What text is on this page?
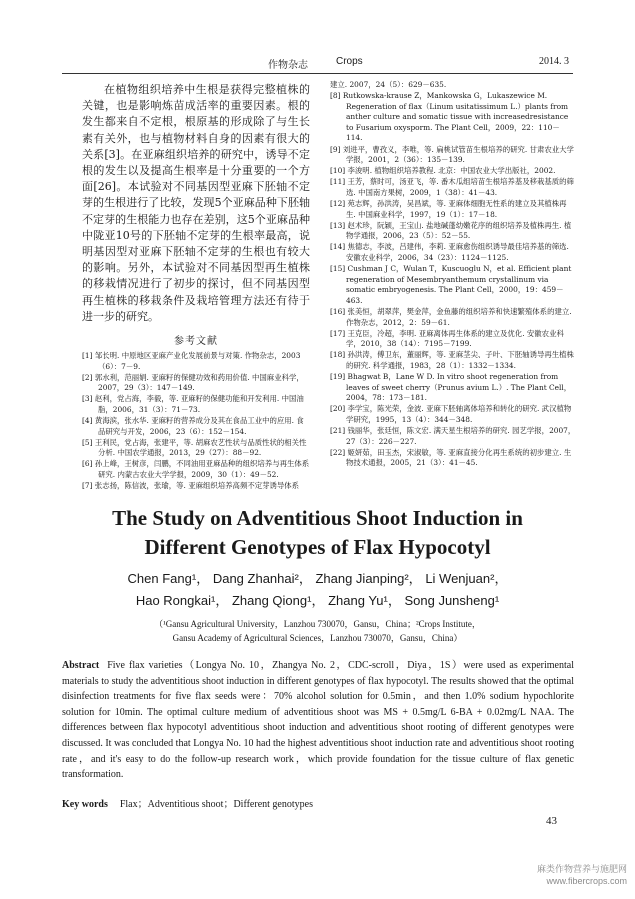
作物杂志	Crops	2014. 3

在植物组织培养中生根是获得完整植株的关键，也是影响炼苗成活率的重要因素。根的发生都来自不定根，根原基的形成除了与生长素有关外，也与植物材料自身的因素有很大的关系[3]。在亚麻组织培养的研究中，诱导不定根的发生以及提高生根率是十分重要的一个方面[26]。本试验对不同基因型亚麻下胚轴不定芽的生根进行了比较，发现5个亚麻品种下胚轴不定芽的生根能力也存在差别，这5个亚麻品种中陇亚10号的下胚轴不定芽的生根率最高，说明基因型对亚麻下胚轴不定芽的生根也有较大的影响。另外，本试验对不同基因型再生植株的移栽情况进行了初步的探讨，但不同基因型再生植株的移栽条件及栽培管理方法还有待于进一步的研究。

参考文献
[1] 邹长明. 中原地区亚麻产业化发展前景与对策. 作物杂志，2003（6）：7－9.
[2] 郭水利，范丽娟. 亚麻籽的保健功效和药用价值. 中国麻业科学，2007，29（3）：147－149.
[3] 赵利，党占海，李毅，等. 亚麻籽的保健功能和开发利用. 中国油脂，2006，31（3）：71－73.
[4] 黄海滨，张水华. 亚麻籽的营养成分及其在食品工业中的应用. 食品研究与开发，2006，23（6）：152－154.
[5] 王利民，党占海，张建平，等. 胡麻农艺性状与品质性状的相关性分析. 中国农学通报，2013，29（27）：88－92.
[6] 孙上峰，王树彦，闫鹏，不同油用亚麻品种的组织培养与再生体系研究. 内蒙古农业大学学报，2009，30（1）：49－52.
[7] 张志扬，陈信波，张瑜，等. 亚麻组织培养高频不定芽诱导体系
建立. 2007，24（5）：629－635.
[8] Rutkowska-krause Z，Mankowska G，Lukaszewice M. Regeneration of flax（Linum usitatissimum L.）plants from anther culture and somatic tissue with increasedresistance to Fusarium oxysporm. The Plant Cell，2009，22：110－114.
[9] 刘进平，曹孜义，李唯，等. 扁桃试管苗生根培养的研究. 甘肃农业大学学报，2001，2（36）：135－139.
[10] 李浚明. 植物组织培养教程. 北京：中国农业大学出版社，2002.
[11] 王芳，蔡时可，汤亚飞，等. 番木瓜组培苗生根培养基及移栽基质的筛选. 中国南方果树，2009，1（38）：41－43.
[12] 苑志辉，孙洪涛，吴昌斌，等. 亚麻体细胞无性系的建立及其植株再生. 中国麻业科学，1997，19（1）：17－18.
[13] 赵术珍，阮颖，王宝山. 盐地碱蓬幼嫩花序的组织培养及植株再生. 植物学通报，2006，23（5）：52－55.
[14] 焦德志，李波，吕建伟，李莉. 亚麻愈伤组织诱导最佳培养基的筛选. 安徽农业科学，2006，34（23）：1124－1125.
[15] Cushman J C，Wulan T，Kuscuoglu N，et al. Efficient plant regeneration of Mesembryanthemum crystallinum via somatic embryogenesis. The Plant Cell，2000，19：459－463.
[16] 张美恒，胡翠萍，樊金萍，金鱼藤的组织培养和快速繁殖体系的建立. 作物杂志，2012，2：59－61.
[17] 王克臣，冷超，李明. 亚麻离体再生体系的建立及优化. 安徽农业科学，2010，38（14）：7195－7199.
[18] 孙洪涛，傅卫东，董丽辉，等. 亚麻茎尖、子叶、下胚轴诱导再生植株的研究. 科学通报，1983，28（1）：1332－1334.
[19] Bhagwat B，Lane W D. In vitro shoot regeneration from leaves of sweet cherry（Prunus avium L.）. The Plant Cell，2004，78：173－181.
[20] 李学宝，陈光荣，金波. 亚麻下胚轴离体培养和转化的研究. 武汉植物学研究，1995，13（4）：344－348.
[21] 钱丽华，张廷恒，陈文宏. 满天星生根培养的研究. 园艺学报，2007，27（3）：226－227.
[22] 姬妍茹，田玉杰，宋淑敏，等. 亚麻直接分化再生系统的初步建立. 生物技术通报，2005，21（3）：41－45.
The Study on Adventitious Shoot Induction in
Different Genotypes of Flax Hypocotyl
Chen Fang¹， Dang Zhanhai²， Zhang Jianping²， Li Wenjuan²，
Hao Rongkai¹， Zhang Qiong¹， Zhang Yu¹， Song Junsheng¹
（¹Gansu Agricultural University，Lanzhou 730070，Gansu，China；²Crops Institute，
Gansu Academy of Agricultural Sciences，Lanzhou 730070，Gansu，China）
Abstract Five flax varieties（Longya No. 10，Zhangya No. 2，CDC-scroll，Diya，1S）were used as experimental materials to study the adventitious shoot induction in different genotypes of flax hypocotyl. The results showed that the optimal disinfection treatments for five flax seeds were：70% alcohol solution for 0.5min，and then 1.0% sodium hypochlorite solution for 10min. The optimal culture medium of adventitious shoot was MS + 0.5mg/L 6-BA + 0.02mg/L NAA. The differences between flax hypocotyl adventitious shoot induction and adventitious shoot rooting of different genotypes were discussed. It was concluded that Longya No. 10 had the highest adventitious shoot induction rate and adventitious shoot rooting rate，and it's easy to do the follow-up research work，which provide foundation for the tissue culture of flax genetic transformation.
Key words Flax；Adventitious shoot；Different genotypes
43
麻类作物营养与施肥网
www.fibercrops.com
